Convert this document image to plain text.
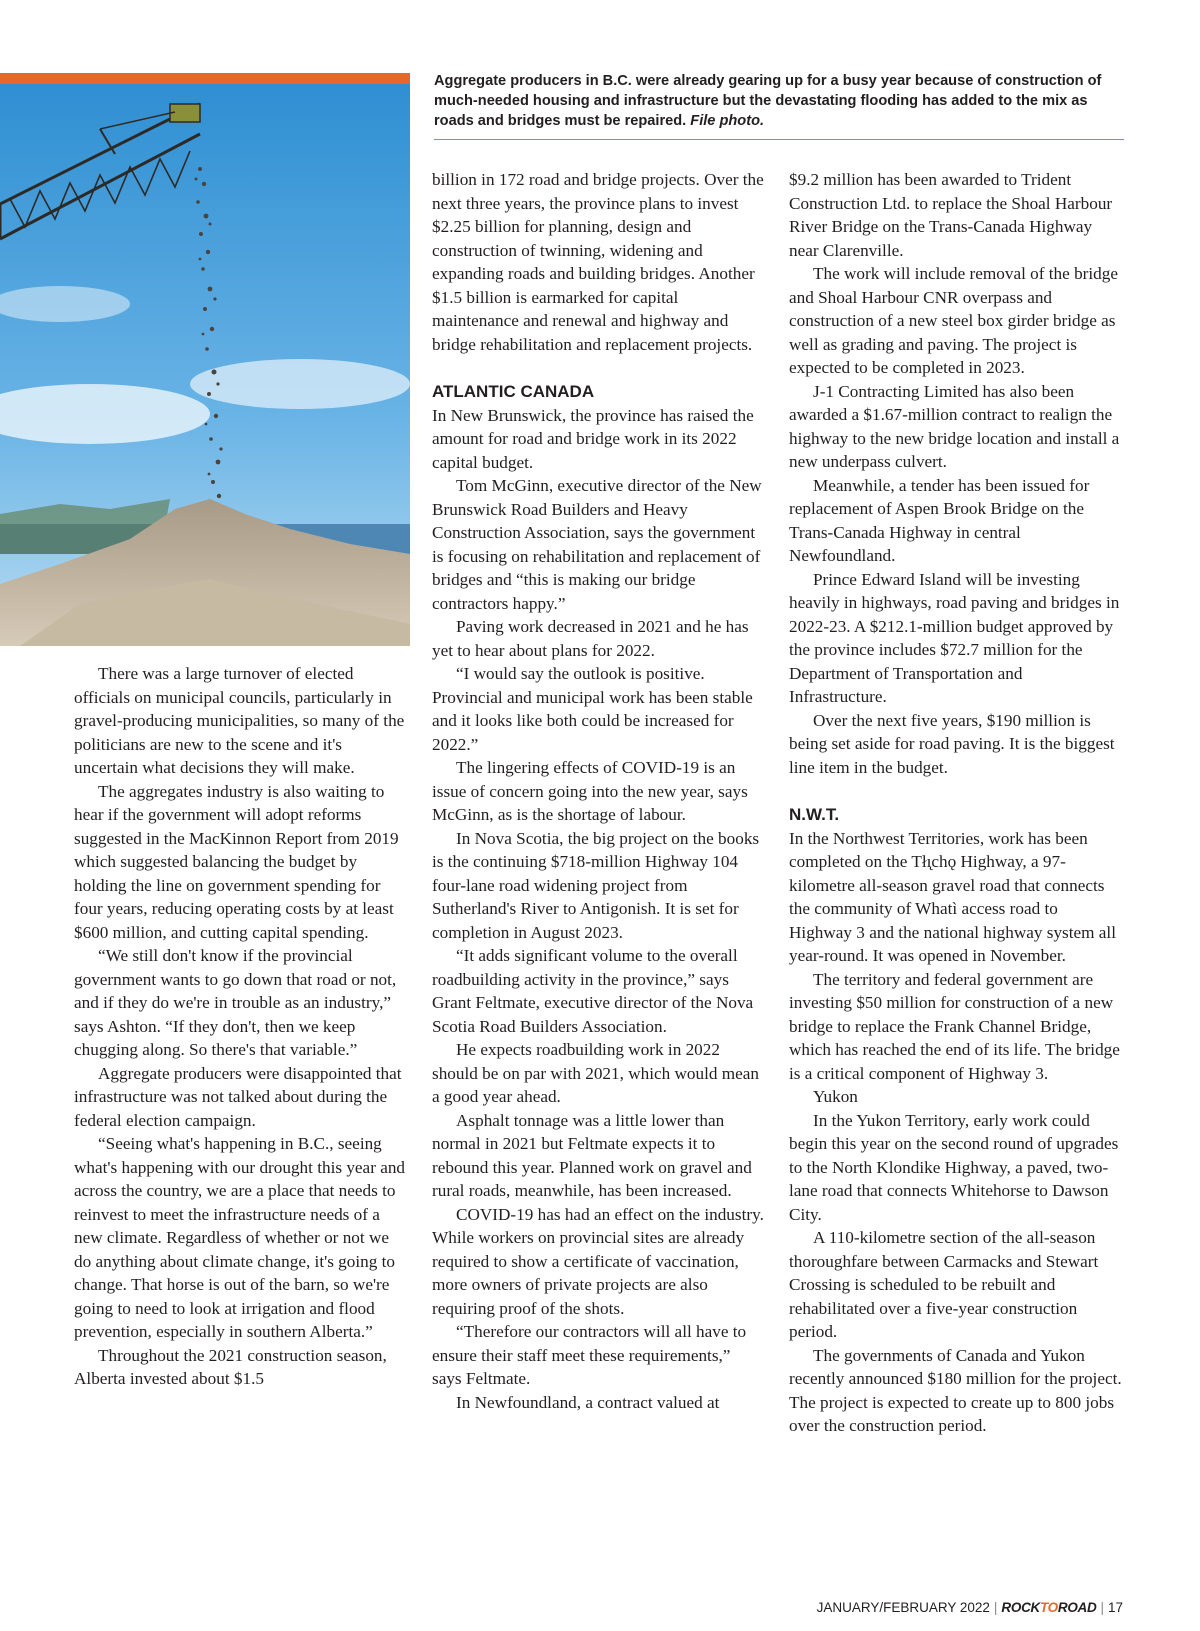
Aggregate producers in B.C. were already gearing up for a busy year because of construction of much-needed housing and infrastructure but the devastating flooding has added to the mix as roads and bridges must be repaired. File photo.

There was a large turnover of elected officials on municipal councils, particularly in gravel-producing municipalities, so many of the politicians are new to the scene and it's uncertain what decisions they will make.

The aggregates industry is also waiting to hear if the government will adopt reforms suggested in the MacKinnon Report from 2019 which suggested balancing the budget by holding the line on government spending for four years, reducing operating costs by at least $600 million, and cutting capital spending.

“We still don't know if the provincial government wants to go down that road or not, and if they do we're in trouble as an industry,” says Ashton. “If they don't, then we keep chugging along. So there's that variable.”

Aggregate producers were disappointed that infrastructure was not talked about during the federal election campaign.

“Seeing what's happening in B.C., seeing what's happening with our drought this year and across the country, we are a place that needs to reinvest to meet the infrastructure needs of a new climate. Regardless of whether or not we do anything about climate change, it's going to change. That horse is out of the barn, so we're going to need to look at irrigation and flood prevention, especially in southern Alberta.”

Throughout the 2021 construction season, Alberta invested about $1.5

billion in 172 road and bridge projects. Over the next three years, the province plans to invest $2.25 billion for planning, design and construction of twinning, widening and expanding roads and building bridges. Another $1.5 billion is earmarked for capital maintenance and renewal and highway and bridge rehabilitation and replacement projects.

ATLANTIC CANADA

In New Brunswick, the province has raised the amount for road and bridge work in its 2022 capital budget.

Tom McGinn, executive director of the New Brunswick Road Builders and Heavy Construction Association, says the government is focusing on rehabilitation and replacement of bridges and “this is making our bridge contractors happy.”

Paving work decreased in 2021 and he has yet to hear about plans for 2022.

“I would say the outlook is positive. Provincial and municipal work has been stable and it looks like both could be increased for 2022.”

The lingering effects of COVID-19 is an issue of concern going into the new year, says McGinn, as is the shortage of labour.

In Nova Scotia, the big project on the books is the continuing $718-million Highway 104 four-lane road widening project from Sutherland's River to Antigonish. It is set for completion in August 2023.

“It adds significant volume to the overall roadbuilding activity in the province,” says Grant Feltmate, executive director of the Nova Scotia Road Builders Association.

He expects roadbuilding work in 2022 should be on par with 2021, which would mean a good year ahead.

Asphalt tonnage was a little lower than normal in 2021 but Feltmate expects it to rebound this year. Planned work on gravel and rural roads, meanwhile, has been increased.

COVID-19 has had an effect on the industry. While workers on provincial sites are already required to show a certificate of vaccination, more owners of private projects are also requiring proof of the shots.

“Therefore our contractors will all have to ensure their staff meet these requirements,” says Feltmate.

In Newfoundland, a contract valued at

$9.2 million has been awarded to Trident Construction Ltd. to replace the Shoal Harbour River Bridge on the Trans-Canada Highway near Clarenville.

The work will include removal of the bridge and Shoal Harbour CNR overpass and construction of a new steel box girder bridge as well as grading and paving. The project is expected to be completed in 2023.

J-1 Contracting Limited has also been awarded a $1.67-million contract to realign the highway to the new bridge location and install a new underpass culvert.

Meanwhile, a tender has been issued for replacement of Aspen Brook Bridge on the Trans-Canada Highway in central Newfoundland.

Prince Edward Island will be investing heavily in highways, road paving and bridges in 2022-23. A $212.1-million budget approved by the province includes $72.7 million for the Department of Transportation and Infrastructure.

Over the next five years, $190 million is being set aside for road paving. It is the biggest line item in the budget.

N.W.T.

In the Northwest Territories, work has been completed on the Tłı̨chǫ Highway, a 97-kilometre all-season gravel road that connects the community of Whatì access road to Highway 3 and the national highway system all year-round. It was opened in November.

The territory and federal government are investing $50 million for construction of a new bridge to replace the Frank Channel Bridge, which has reached the end of its life. The bridge is a critical component of Highway 3.

Yukon

In the Yukon Territory, early work could begin this year on the second round of upgrades to the North Klondike Highway, a paved, two-lane road that connects Whitehorse to Dawson City.

A 110-kilometre section of the all-season thoroughfare between Carmacks and Stewart Crossing is scheduled to be rebuilt and rehabilitated over a five-year construction period.

The governments of Canada and Yukon recently announced $180 million for the project. The project is expected to create up to 800 jobs over the construction period.

JANUARY/FEBRUARY 2022 | ROCKTOROAD | 17
